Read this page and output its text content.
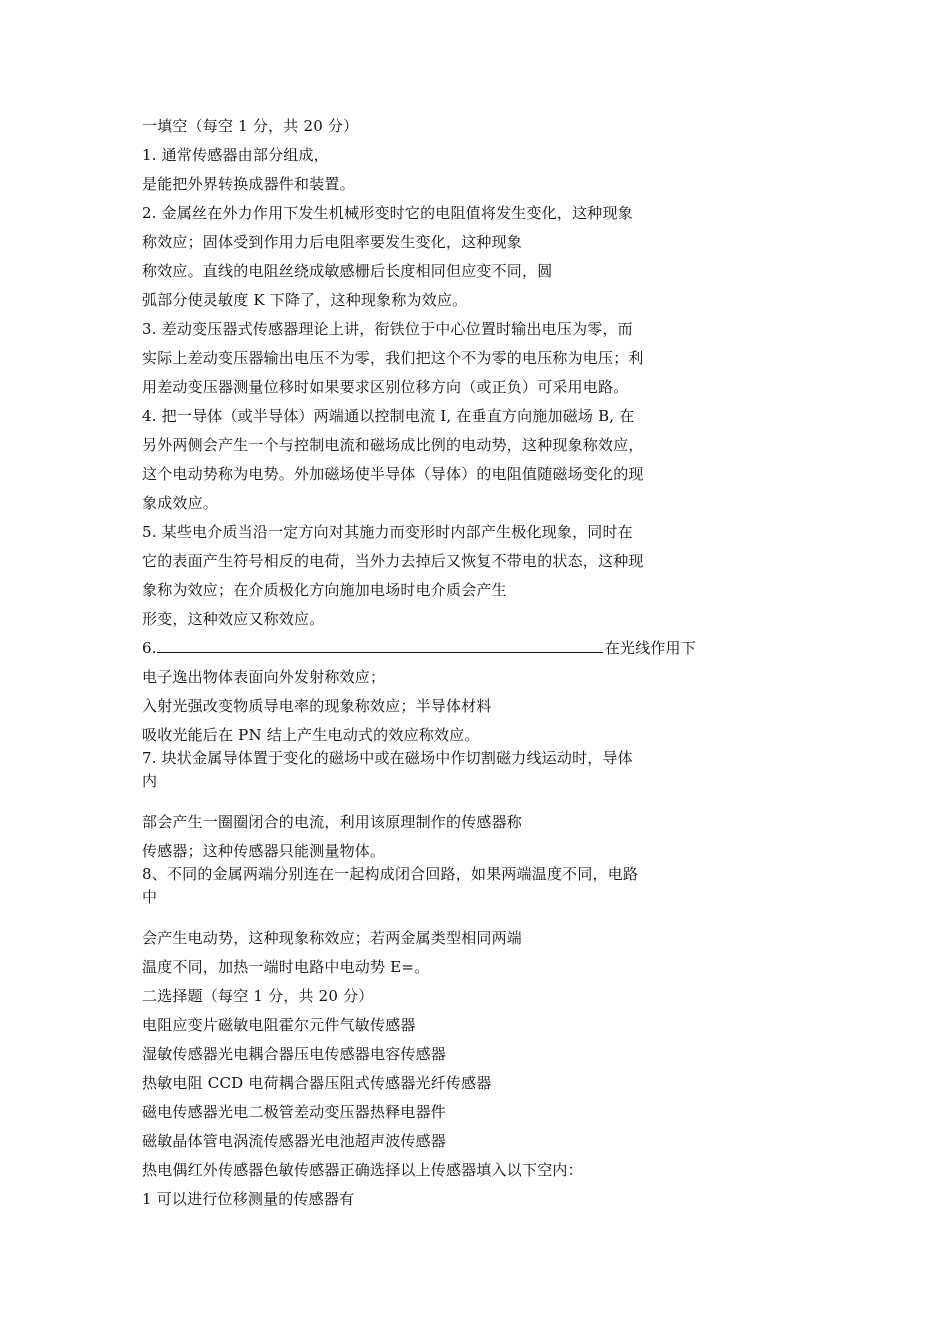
一填空（每空 1 分，共 20 分）
1. 通常传感器由部分组成，
是能把外界转换成器件和装置。
2. 金属丝在外力作用下发生机械形变时它的电阻值将发生变化，这种现象
称效应；固体受到作用力后电阻率要发生变化，这种现象
称效应。直线的电阻丝绕成敏感栅后长度相同但应变不同，圆
弧部分使灵敏度 K 下降了，这种现象称为效应。
3. 差动变压器式传感器理论上讲，衔铁位于中心位置时输出电压为零，而
实际上差动变压器输出电压不为零，我们把这个不为零的电压称为电压；利
用差动变压器测量位移时如果要求区别位移方向（或正负）可采用电路。
4. 把一导体（或半导体）两端通以控制电流 I, 在垂直方向施加磁场 B, 在
另外两侧会产生一个与控制电流和磁场成比例的电动势，这种现象称效应，
这个电动势称为电势。外加磁场使半导体（导体）的电阻值随磁场变化的现
象成效应。
5. 某些电介质当沿一定方向对其施力而变形时内部产生极化现象，同时在
它的表面产生符号相反的电荷，当外力去掉后又恢复不带电的状态，这种现
象称为效应；在介质极化方向施加电场时电介质会产生
形变，这种效应又称效应。
6.	在光线作用下
电子逸出物体表面向外发射称效应；
入射光强改变物质导电率的现象称效应；半导体材料
吸收光能后在 PN 结上产生电动式的效应称效应。
7. 块状金属导体置于变化的磁场中或在磁场中作切割磁力线运动时，导体
内
部会产生一圈圈闭合的电流，利用该原理制作的传感器称
传感器；这种传感器只能测量物体。
8、不同的金属两端分别连在一起构成闭合回路，如果两端温度不同，电路
中
会产生电动势，这种现象称效应；若两金属类型相同两端
温度不同，加热一端时电路中电动势 E=。
二选择题（每空 1 分，共 20 分）
电阻应变片磁敏电阻霍尔元件气敏传感器
湿敏传感器光电耦合器压电传感器电容传感器
热敏电阻 CCD 电荷耦合器压阻式传感器光纤传感器
磁电传感器光电二极管差动变压器热释电器件
磁敏晶体管电涡流传感器光电池超声波传感器
热电偶红外传感器色敏传感器正确选择以上传感器填入以下空内：
1 可以进行位移测量的传感器有
